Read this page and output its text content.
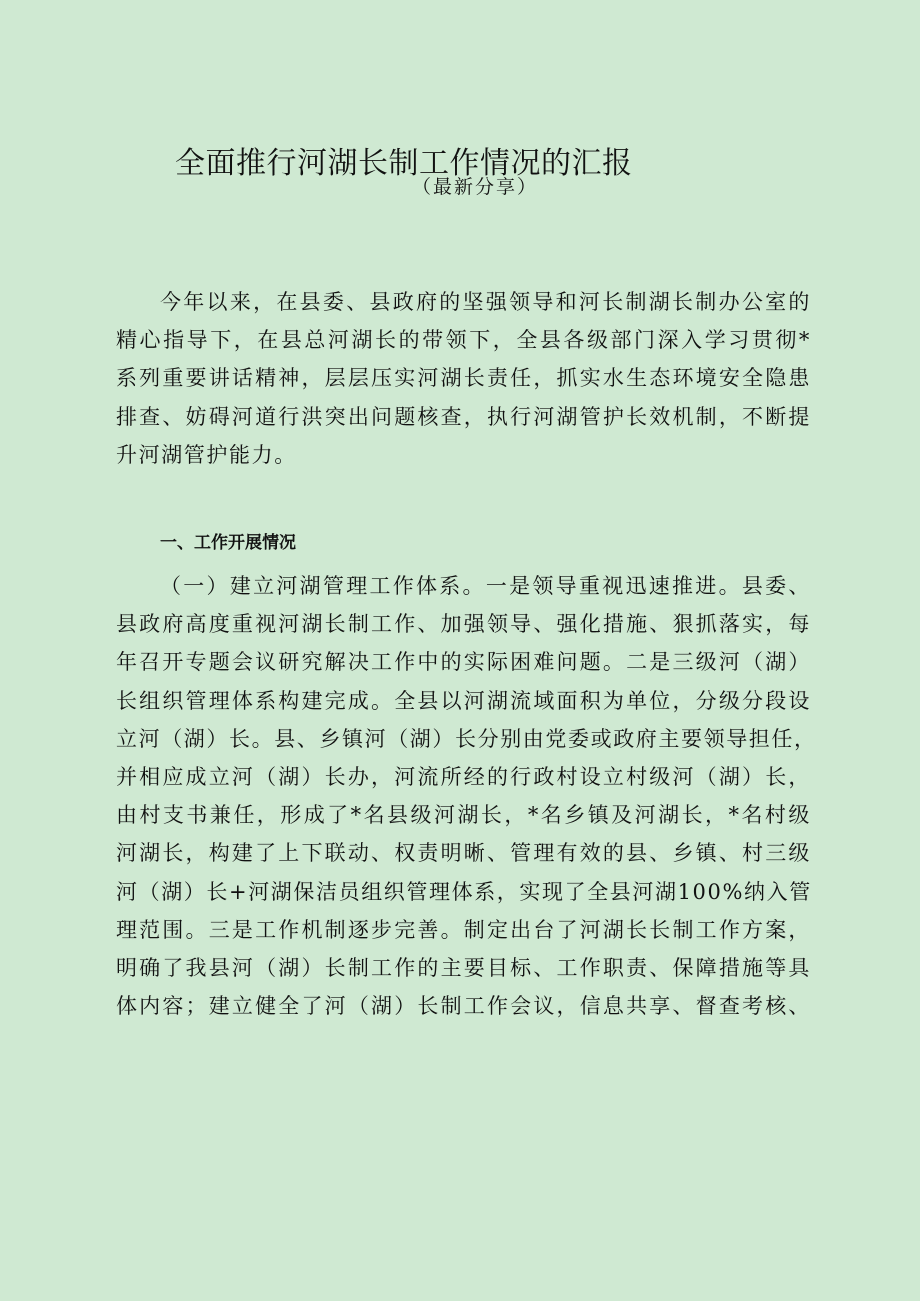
全面推行河湖长制工作情况的汇报
（最新分享）
今年以来，在县委、县政府的坚强领导和河长制湖长制办公室的
精心指导下，在县总河湖长的带领下，全县各级部门深入学习贯彻*
系列重要讲话精神，层层压实河湖长责任，抓实水生态环境安全隐患
排查、妨碍河道行洪突出问题核查，执行河湖管护长效机制，不断提
升河湖管护能力。
一、工作开展情况
（一）建立河湖管理工作体系。一是领导重视迅速推进。县委、
县政府高度重视河湖长制工作、加强领导、强化措施、狠抓落实，每
年召开专题会议研究解决工作中的实际困难问题。二是三级河（湖）
长组织管理体系构建完成。全县以河湖流域面积为单位，分级分段设
立河（湖）长。县、乡镇河（湖）长分别由党委或政府主要领导担任，
并相应成立河（湖）长办，河流所经的行政村设立村级河（湖）长，
由村支书兼任，形成了*名县级河湖长，*名乡镇及河湖长，*名村级
河湖长，构建了上下联动、权责明晰、管理有效的县、乡镇、村三级
河（湖）长+河湖保洁员组织管理体系，实现了全县河湖100%纳入管
理范围。三是工作机制逐步完善。制定出台了河湖长长制工作方案，
明确了我县河（湖）长制工作的主要目标、工作职责、保障措施等具
体内容；建立健全了河（湖）长制工作会议，信息共享、督查考核、
